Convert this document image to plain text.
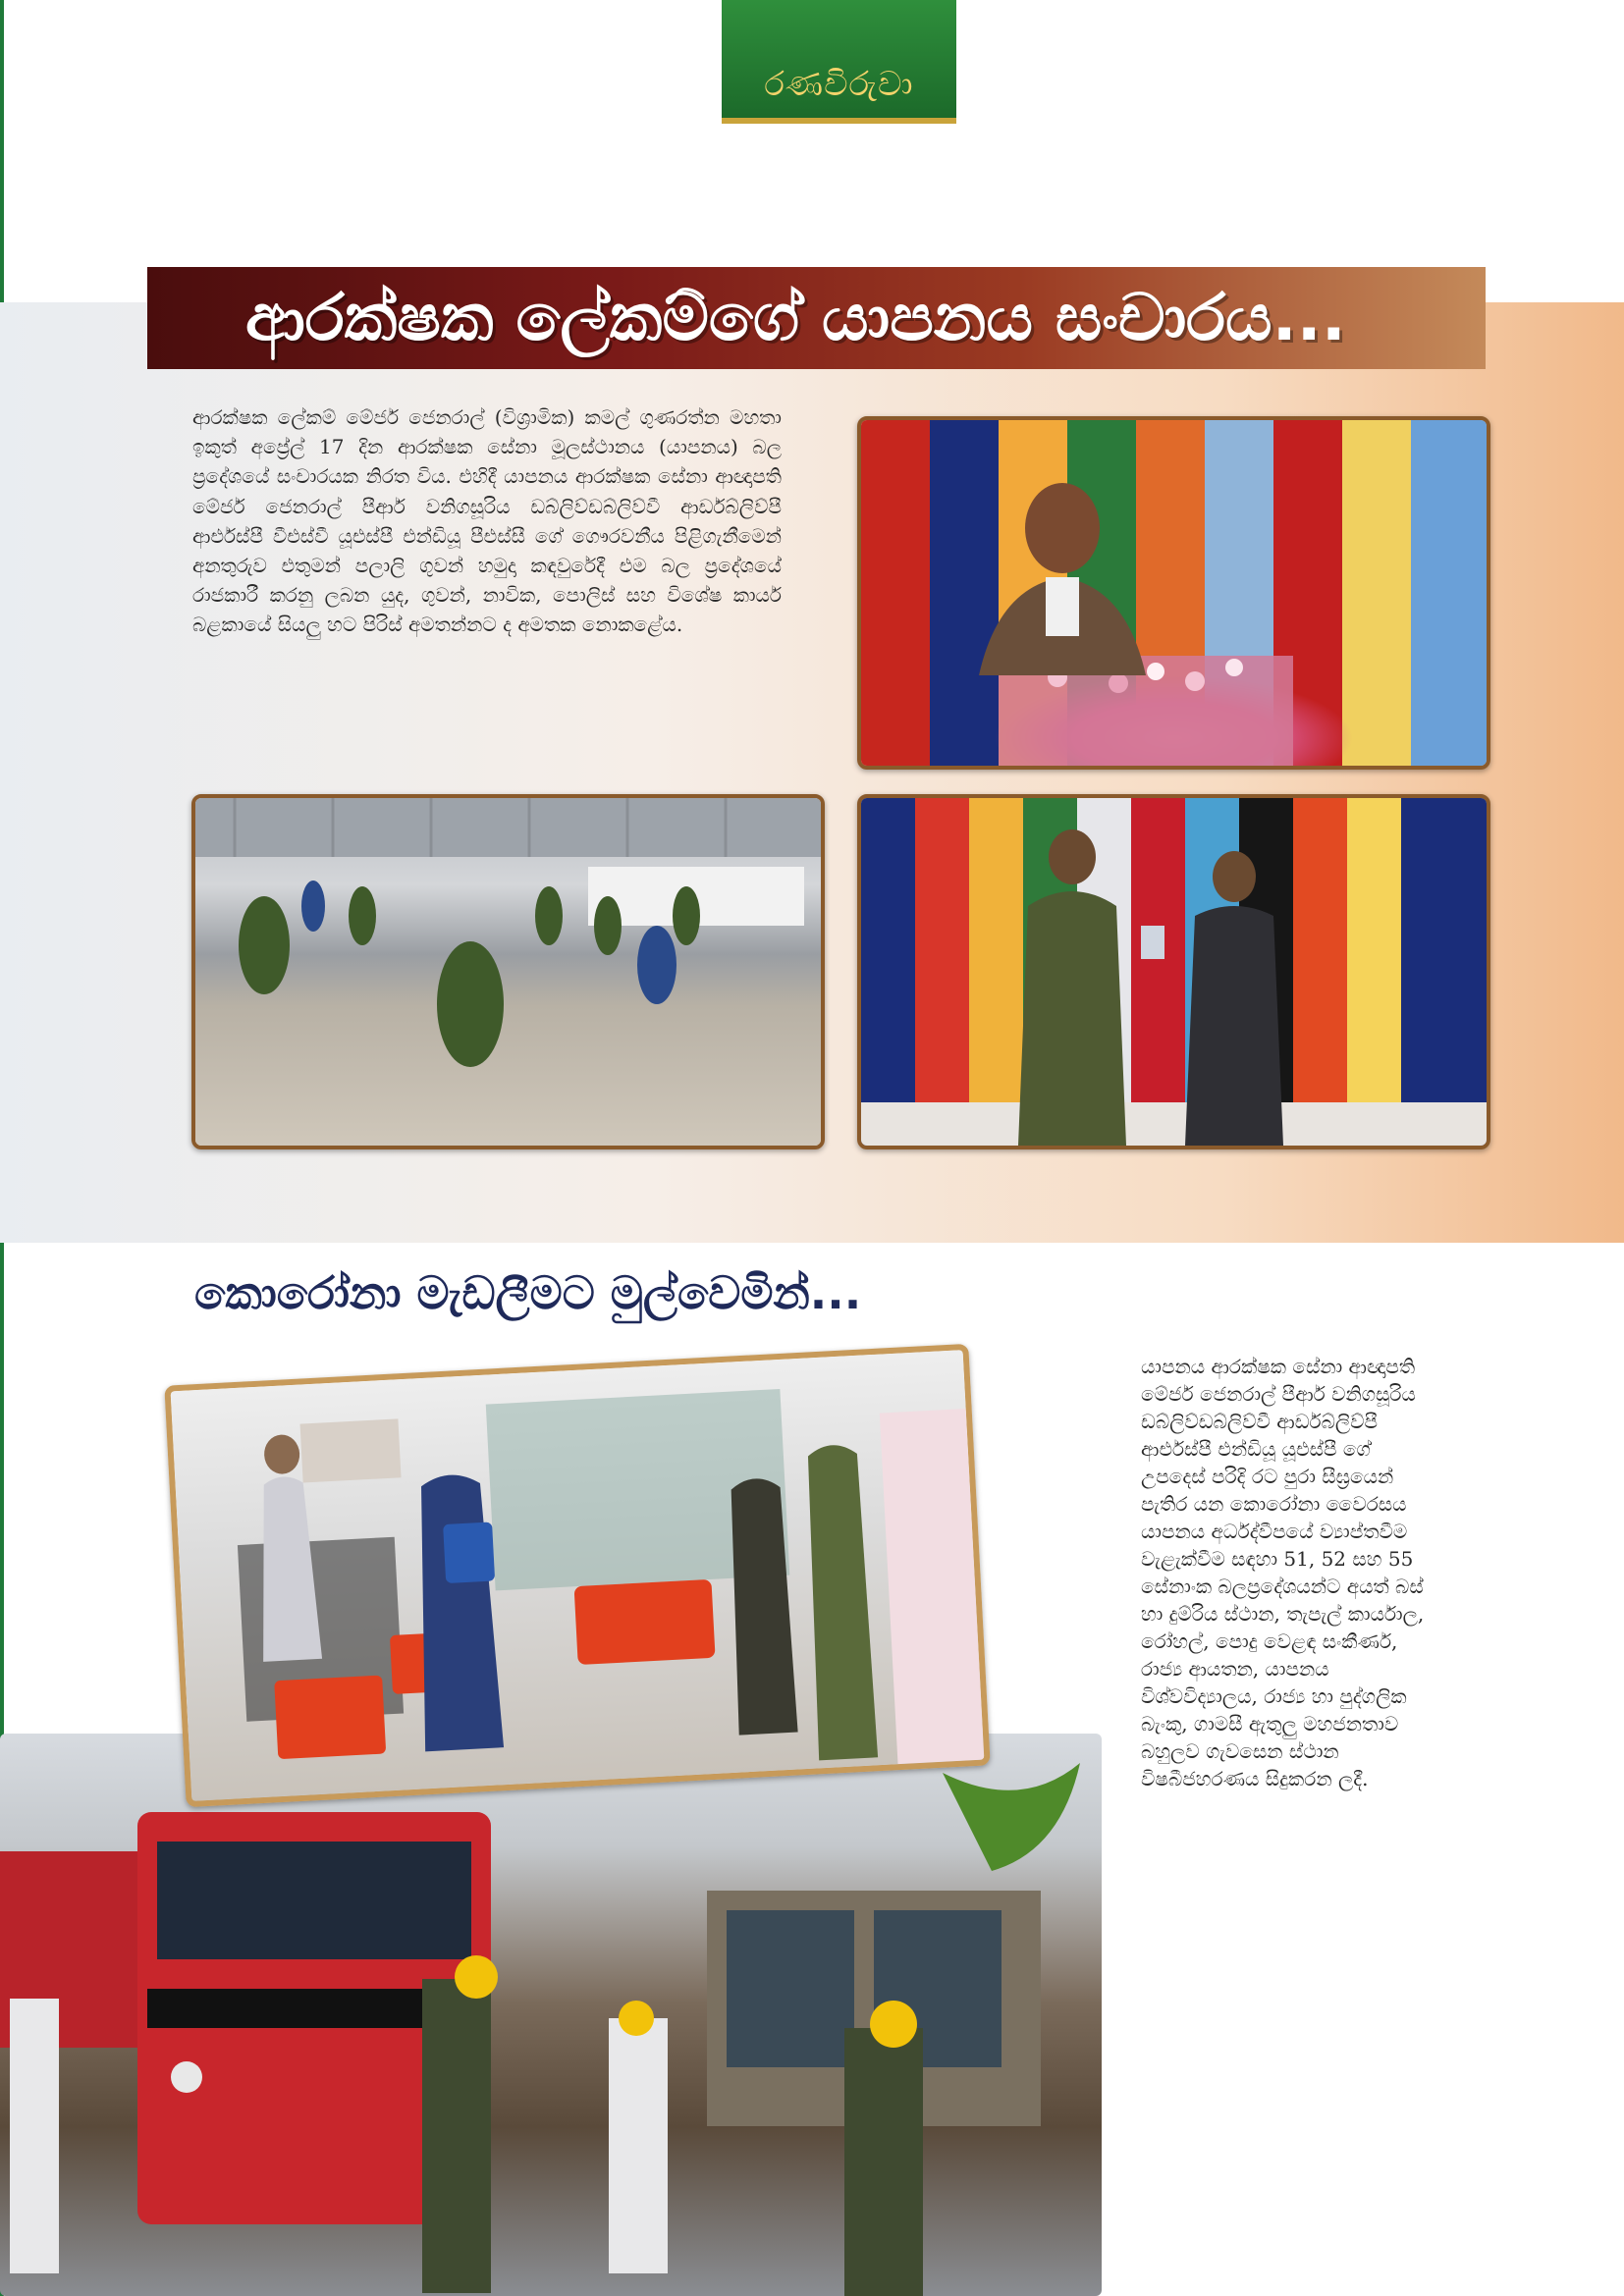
රණවිරුවා
ආරක්ෂක ලේකම්ගේ යාපනය සංචාරය...

ආරක්ෂක ලේකම් මේජර් ජෙනරාල් (විශ්‍රාමික) කමල් ගුණරත්න මහතා ඉකුත් අප්‍රේල් 17 දින ආරක්ෂක සේනා මූලස්ථානය (යාපනය) බල ප්‍රදේශයේ සංචාරයක නිරත විය. එහිදී යාපනය ආරක්ෂක සේනා ආඥාපති මේජර් ජෙනරාල් පීආර් වනිගසූරිය ඩබ්ලිව්ඩබ්ලිව්වී ආර්ඩබ්ලිව්පී ආර්එස්පී වීඑස්වී යූඑස්පී එන්ඩියූ පීඑස්සී ගේ ගෞරවනීය පිළිගැනීමෙන් අනතුරුව එතුමන් පලාලි ගුවන් හමුදා කඳවුරේදී එම බල ප්‍රදේශයේ රාජකාරී කරනු ලබන යුද, ගුවන්, නාවික, පොලිස් සහ විශේෂ කාර්ය බළකායේ සියලු හට පිරිස් අමතන්නට ද අමතක නොකළේය.

කොරෝනා මැඩලීමට මුල්වෙමින්...

යාපනය ආරක්ෂක සේනා ආඥාපති මේජර් ජෙනරාල් පීආර් වනිගසූරිය ඩබ්ලිව්ඩබ්ලිව්වී ආර්ඩබ්ලිව්පී ආර්එස්පී එන්ඩියූ යූඑස්පී ගේ උපදෙස් පරිදි රට පුරා සීඝ්‍රයෙන් පැතිර යන කොරෝනා වෛරසය යාපනය අර්ධද්වීපයේ ව්‍යාප්තවීම වැළැක්වීම සඳහා 51, 52 සහ 55 සේනාංක බලප්‍රදේශයන්ට අයත් බස් හා දුම්රිය ස්ථාන, තැපැල් කාර්යාල, රෝහල්, පොදු වෙළඳ සංකීර්ණ, රාජ්‍ය ආයතන, යාපනය විශ්වවිද්‍යාලය, රාජ්‍ය හා පුද්ගලික බැංකු, ගාමසී ඇතුලු මහජනතාව බහුලව ගැවසෙන ස්ථාන විෂබීජහරණය සිදුකරන ලදී.
